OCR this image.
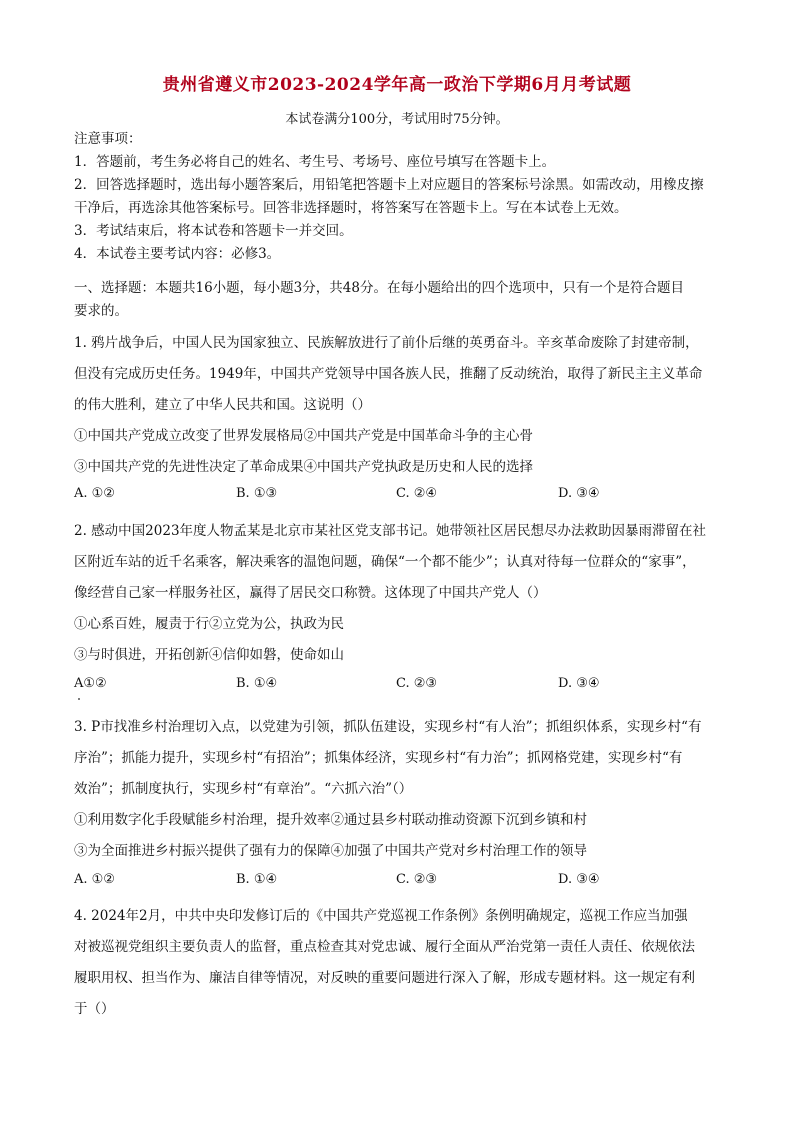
贵州省遵义市2023-2024学年高一政治下学期6月月考试题
本试卷满分100分，考试用时75分钟。
注意事项：
1．答题前，考生务必将自己的姓名、考生号、考场号、座位号填写在答题卡上。
2．回答选择题时，选出每小题答案后，用铅笔把答题卡上对应题目的答案标号涂黑。如需改动，用橡皮擦
干净后，再选涂其他答案标号。回答非选择题时，将答案写在答题卡上。写在本试卷上无效。
3．考试结束后，将本试卷和答题卡一并交回。
4．本试卷主要考试内容：必修3。
一、选择题：本题共16小题，每小题3分，共48分。在每小题给出的四个选项中，只有一个是符合题目
要求的。
1. 鸦片战争后，中国人民为国家独立、民族解放进行了前仆后继的英勇奋斗。辛亥革命废除了封建帝制，
但没有完成历史任务。1949年，中国共产党领导中国各族人民，推翻了反动统治，取得了新民主主义革命
的伟大胜利，建立了中华人民共和国。这说明（）
①中国共产党成立改变了世界发展格局②中国共产党是中国革命斗争的主心骨
③中国共产党的先进性决定了革命成果④中国共产党执政是历史和人民的选择
A. ①②	B. ①③	C. ②④	D. ③④
2. 感动中国2023年度人物孟某是北京市某社区党支部书记。她带领社区居民想尽办法救助因暴雨滞留在社
区附近车站的近千名乘客，解决乘客的温饱问题，确保“一个都不能少”；认真对待每一位群众的“家事”，
像经营自己家一样服务社区，赢得了居民交口称赞。这体现了中国共产党人（）
①心系百姓，履责于行②立党为公，执政为民
③与时俱进，开拓创新④信仰如磐，使命如山
A①②	B. ①④	C. ②③	D. ③④
3. P市找准乡村治理切入点，以党建为引领，抓队伍建设，实现乡村“有人治”；抓组织体系，实现乡村“有
序治”；抓能力提升，实现乡村“有招治”；抓集体经济，实现乡村“有力治”；抓网格党建，实现乡村“有
效治”；抓制度执行，实现乡村“有章治”。“六抓六治”（）
①利用数字化手段赋能乡村治理，提升效率②通过县乡村联动推动资源下沉到乡镇和村
③为全面推进乡村振兴提供了强有力的保障④加强了中国共产党对乡村治理工作的领导
A. ①②	B. ①④	C. ②③	D. ③④
4. 2024年2月，中共中央印发修订后的《中国共产党巡视工作条例》条例明确规定，巡视工作应当加强
对被巡视党组织主要负责人的监督，重点检查其对党忠诚、履行全面从严治党第一责任人责任、依规依法
履职用权、担当作为、廉洁自律等情况，对反映的重要问题进行深入了解，形成专题材料。这一规定有利
于（）
